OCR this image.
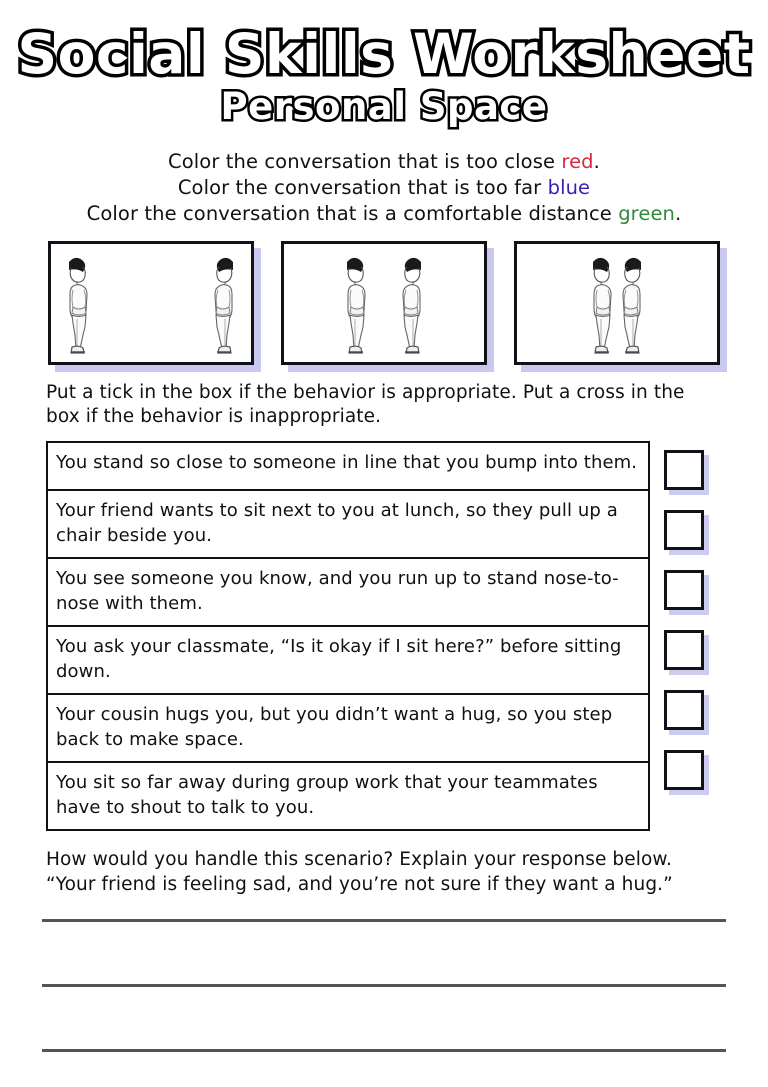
Social Skills Worksheet
Personal Space
Color the conversation that is too close red.
Color the conversation that is too far blue
Color the conversation that is a comfortable distance green.
Put a tick in the box if the behavior is appropriate. Put a cross in the box if the behavior is inappropriate.
You stand so close to someone in line that you bump into them.
Your friend wants to sit next to you at lunch, so they pull up a chair beside you.
You see someone you know, and you run up to stand nose-to-nose with them.
You ask your classmate, “Is it okay if I sit here?” before sitting down.
Your cousin hugs you, but you didn’t want a hug, so you step back to make space.
You sit so far away during group work that your teammates have to shout to talk to you.
How would you handle this scenario? Explain your response below.
“Your friend is feeling sad, and you’re not sure if they want a hug.”
